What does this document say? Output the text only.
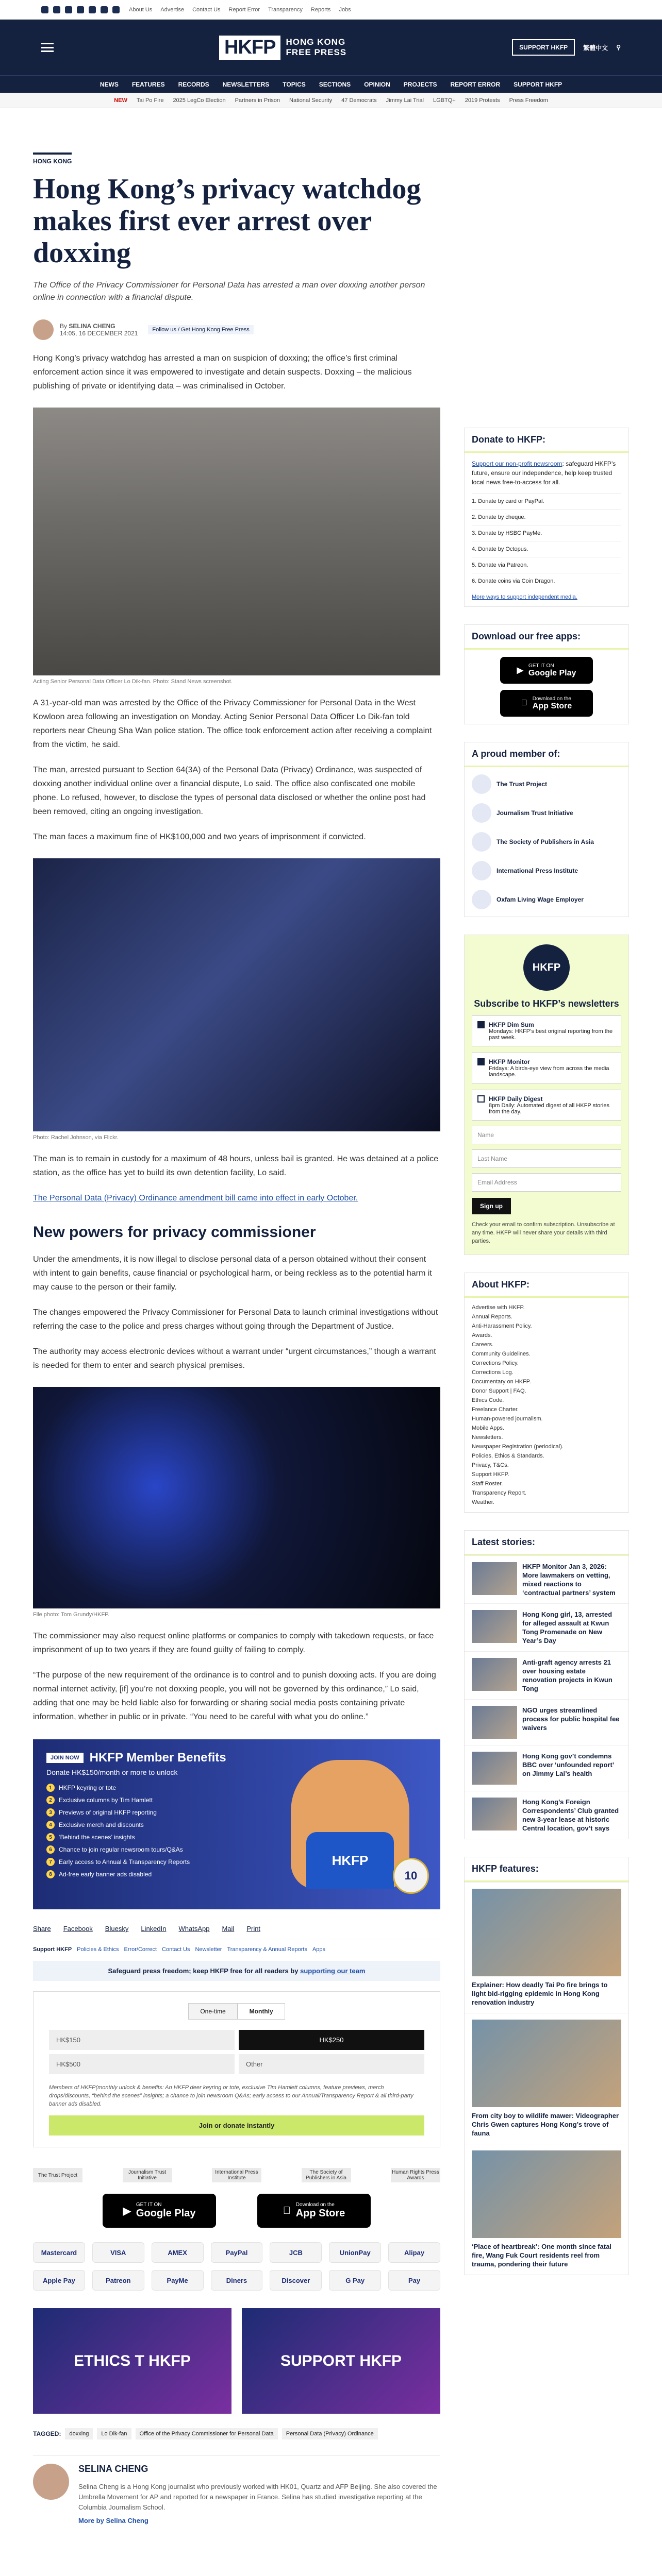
About Us Advertise Contact Us Report Error Transparency Reports Jobs
HKFP	HONG KONG
FREE PRESS	SUPPORT HKFP	繁體中文 ⚲
NEWS FEATURES RECORDS NEWSLETTERS TOPICS SECTIONS OPINION PROJECTS REPORT ERROR SUPPORT HKFP
NEW Tai Po Fire 2025 LegCo Election Partners in Prison National Security 47 Democrats Jimmy Lai Trial LGBTQ+ 2019 Protests Press Freedom
HONG KONG
Hong Kong’s privacy watchdog makes first ever arrest over doxxing
The Office of the Privacy Commissioner for Personal Data has arrested a man over doxxing another person online in connection with a financial dispute.
By SELINA CHENG
14:05, 16 DECEMBER 2021	Follow us / Get Hong Kong Free Press

Hong Kong’s privacy watchdog has arrested a man on suspicion of doxxing; the office’s first criminal enforcement action since it was empowered to investigate and detain suspects. Doxxing – the malicious publishing of private or identifying data – was criminalised in October.

Acting Senior Personal Data Officer Lo Dik-fan. Photo: Stand News screenshot.

A 31-year-old man was arrested by the Office of the Privacy Commissioner for Personal Data in the West Kowloon area following an investigation on Monday. Acting Senior Personal Data Officer Lo Dik-fan told reporters near Cheung Sha Wan police station. The office took enforcement action after receiving a complaint from the victim, he said.

The man, arrested pursuant to Section 64(3A) of the Personal Data (Privacy) Ordinance, was suspected of doxxing another individual online over a financial dispute, Lo said. The office also confiscated one mobile phone. Lo refused, however, to disclose the types of personal data disclosed or whether the online post had been removed, citing an ongoing investigation.

The man faces a maximum fine of HK$100,000 and two years of imprisonment if convicted.

Photo: Rachel Johnson, via Flickr.

The man is to remain in custody for a maximum of 48 hours, unless bail is granted. He was detained at a police station, as the office has yet to build its own detention facility, Lo said.

The Personal Data (Privacy) Ordinance amendment bill came into effect in early October.

New powers for privacy commissioner

Under the amendments, it is now illegal to disclose personal data of a person obtained without their consent with intent to gain benefits, cause financial or psychological harm, or being reckless as to the potential harm it may cause to the person or their family.

The changes empowered the Privacy Commissioner for Personal Data to launch criminal investigations without referring the case to the police and press charges without going through the Department of Justice.

The authority may access electronic devices without a warrant under “urgent circumstances,” though a warrant is needed for them to enter and search physical premises.

File photo: Tom Grundy/HKFP.

The commissioner may also request online platforms or companies to comply with takedown requests, or face imprisonment of up to two years if they are found guilty of failing to comply.

“The purpose of the new requirement of the ordinance is to control and to punish doxxing acts. If you are doing normal internet activity, [if] you’re not doxxing people, you will not be governed by this ordinance,” Lo said, adding that one may be held liable also for forwarding or sharing social media posts containing private information, whether in public or in private. “You need to be careful with what you do online.”

JOIN NOW HKFP Member Benefits
Donate HK$150/month or more to unlock
1	HKFP keyring or tote
2	Exclusive columns by Tim Hamlett
3	Previews of original HKFP reporting
4	Exclusive merch and discounts
5	‘Behind the scenes’ insights
6	Chance to join regular newsroom tours/Q&As
7	Early access to Annual & Transparency Reports
8	Ad-free early banner ads disabled
HKFP
10
Share Facebook Bluesky LinkedIn WhatsApp Mail Print
Support HKFP Policies & Ethics Error/Correct Contact Us Newsletter Transparency & Annual Reports Apps
Safeguard press freedom; keep HKFP free for all readers by supporting our team
One-time	Monthly
HK$150	HK$250
HK$500	Other
Members of HKFP(monthly unlock & benefits: An HKFP deer keyring or tote, exclusive Tim Hamlett columns, feature previews, merch drops/discounts, “behind the scenes” insights; a chance to join newsroom Q&As; early access to our Annual/Transparency Report & all third-party banner ads disabled.
Join or donate instantly
The Trust Project	Journalism Trust Initiative
International Press Institute
The Society of Publishers in Asia
Human Rights Press Awards
▶
GET IT ON
Google Play
Download on the
App Store
Mastercard	VISA	AMEX	PayPal	JCB	UnionPay	Alipay
Apple Pay	Patreon	PayMe	Diners	Discover	G Pay	Pay
ETHICS T HKFP	SUPPORT HKFP
TAGGED:	doxxing	Lo Dik-fan	Office of the Privacy Commissioner for Personal Data	Personal Data (Privacy) Ordinance
SELINA CHENG

Selina Cheng is a Hong Kong journalist who previously worked with HK01, Quartz and AFP Beijing. She also covered the Umbrella Movement for AP and reported for a newspaper in France. Selina has studied investigative reporting at the Columbia Journalism School.

More by Selina Cheng
Donate to HKFP:
Support our non-profit newsroom: safeguard HKFP’s future, ensure our independence, help keep trusted local news free-to-access for all.
1. Donate by card or PayPal.
2. Donate by cheque.
3. Donate by HSBC PayMe.
4. Donate by Octopus.
5. Donate via Patreon.
6. Donate coins via Coin Dragon.
More ways to support independent media.
Download our free apps:
▶
GET IT ON
Google Play
Download on the
App Store
A proud member of:
The Trust Project
Journalism Trust Initiative
The Society of Publishers in Asia
International Press Institute
Oxfam Living Wage Employer
HKFP
Subscribe to HKFP’s newsletters
HKFP Dim Sum
Mondays: HKFP’s best original reporting from the past week.
HKFP Monitor
Fridays: A birds-eye view from across the media landscape.
HKFP Daily Digest
8pm Daily: Automated digest of all HKFP stories from the day.
Name
Last Name
Email Address
Sign up
Check your email to confirm subscription. Unsubscribe at any time. HKFP will never share your details with third parties.
About HKFP:
Advertise with HKFP.
Annual Reports.
Anti-Harassment Policy.
Awards.
Careers.
Community Guidelines.
Corrections Policy.
Corrections Log.
Documentary on HKFP.
Donor Support | FAQ.
Ethics Code.
Freelance Charter.
Human-powered journalism.
Mobile Apps.
Newsletters.
Newspaper Registration (periodical).
Policies, Ethics & Standards.
Privacy, T&Cs.
Support HKFP.
Staff Roster.
Transparency Report.
Weather.
Latest stories:
HKFP Monitor Jan 3, 2026: More lawmakers on vetting, mixed reactions to ‘contractual partners’ system
Hong Kong girl, 13, arrested for alleged assault at Kwun Tong Promenade on New Year’s Day
Anti-graft agency arrests 21 over housing estate renovation projects in Kwun Tong
NGO urges streamlined process for public hospital fee waivers
Hong Kong gov’t condemns BBC over ‘unfounded report’ on Jimmy Lai’s health
Hong Kong’s Foreign Correspondents’ Club granted new 3-year lease at historic Central location, gov’t says
HKFP features:
Explainer: How deadly Tai Po fire brings to light bid-rigging epidemic in Hong Kong renovation industry
From city boy to wildlife mawer: Videographer Chris Gwen captures Hong Kong’s trove of fauna
‘Place of heartbreak’: One month since fatal fire, Wang Fuk Court residents reel from trauma, pondering their future
